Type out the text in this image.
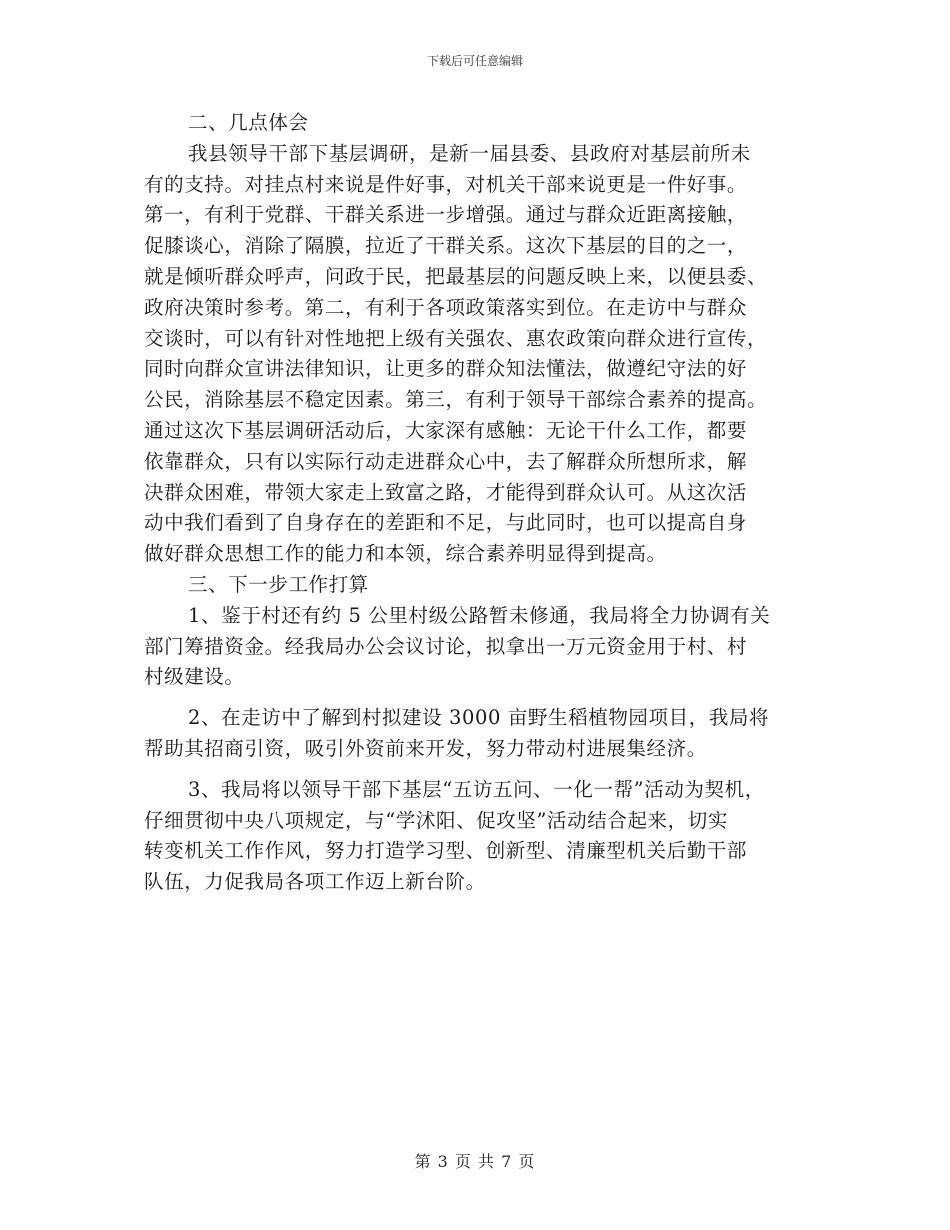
下载后可任意编辑
二、几点体会
我县领导干部下基层调研，是新一届县委、县政府对基层前所未
有的支持。对挂点村来说是件好事，对机关干部来说更是一件好事。
第一，有利于党群、干群关系进一步增强。通过与群众近距离接触，
促膝谈心，消除了隔膜，拉近了干群关系。这次下基层的目的之一，
就是倾听群众呼声，问政于民，把最基层的问题反映上来，以便县委、
政府决策时参考。第二，有利于各项政策落实到位。在走访中与群众
交谈时，可以有针对性地把上级有关强农、惠农政策向群众进行宣传，
同时向群众宣讲法律知识，让更多的群众知法懂法，做遵纪守法的好
公民，消除基层不稳定因素。第三，有利于领导干部综合素养的提高。
通过这次下基层调研活动后，大家深有感触：无论干什么工作，都要
依靠群众，只有以实际行动走进群众心中，去了解群众所想所求，解
决群众困难，带领大家走上致富之路，才能得到群众认可。从这次活
动中我们看到了自身存在的差距和不足，与此同时，也可以提高自身
做好群众思想工作的能力和本领，综合素养明显得到提高。
三、下一步工作打算
1、鉴于村还有约 5 公里村级公路暂未修通，我局将全力协调有关
部门筹措资金。经我局办公会议讨论，拟拿出一万元资金用于村、村
村级建设。
2、在走访中了解到村拟建设 3000 亩野生稻植物园项目，我局将
帮助其招商引资，吸引外资前来开发，努力带动村进展集经济。
3、我局将以领导干部下基层“五访五问、一化一帮”活动为契机，
仔细贯彻中央八项规定，与“学沭阳、促攻坚”活动结合起来，切实
转变机关工作作风，努力打造学习型、创新型、清廉型机关后勤干部
队伍，力促我局各项工作迈上新台阶。
第 3 页 共 7 页
